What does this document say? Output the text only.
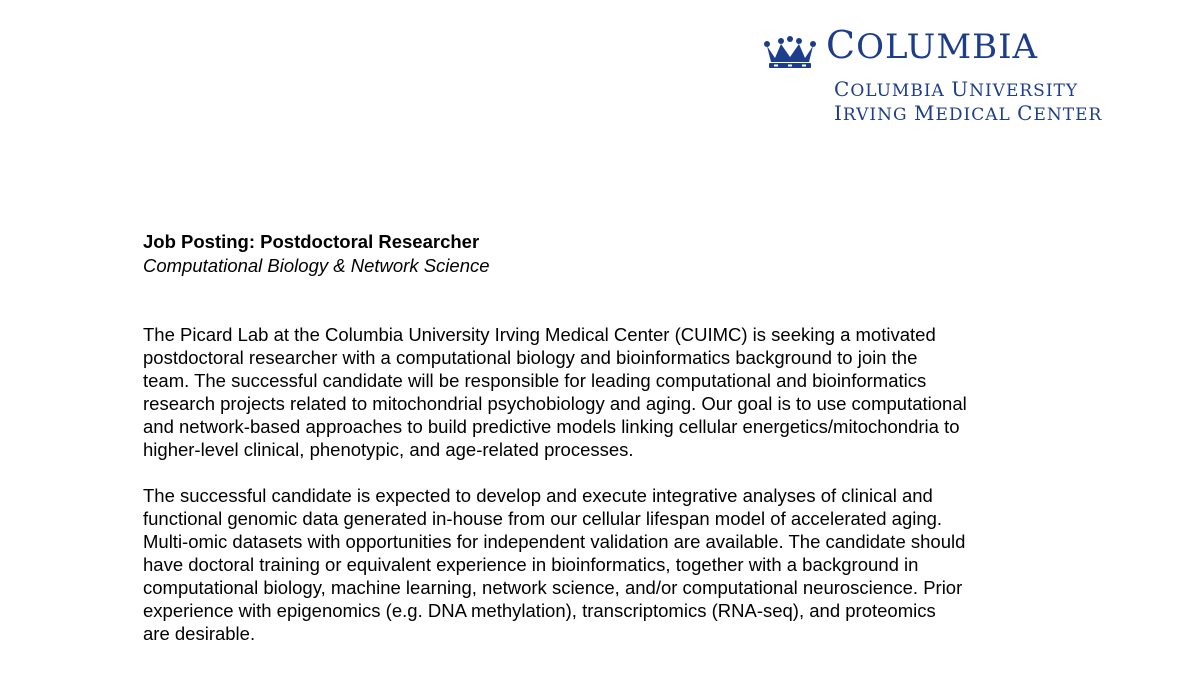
COLUMBIA
COLUMBIA UNIVERSITY
IRVING MEDICAL CENTER

Job Posting: Postdoctoral Researcher

Computational Biology & Network Science

The Picard Lab at the Columbia University Irving Medical Center (CUIMC) is seeking a motivated
postdoctoral researcher with a computational biology and bioinformatics background to join the
team. The successful candidate will be responsible for leading computational and bioinformatics
research projects related to mitochondrial psychobiology and aging. Our goal is to use computational
and network-based approaches to build predictive models linking cellular energetics/mitochondria to
higher-level clinical, phenotypic, and age-related processes.

The successful candidate is expected to develop and execute integrative analyses of clinical and
functional genomic data generated in-house from our cellular lifespan model of accelerated aging.
Multi-omic datasets with opportunities for independent validation are available. The candidate should
have doctoral training or equivalent experience in bioinformatics, together with a background in
computational biology, machine learning, network science, and/or computational neuroscience. Prior
experience with epigenomics (e.g. DNA methylation), transcriptomics (RNA-seq), and proteomics
are desirable.
